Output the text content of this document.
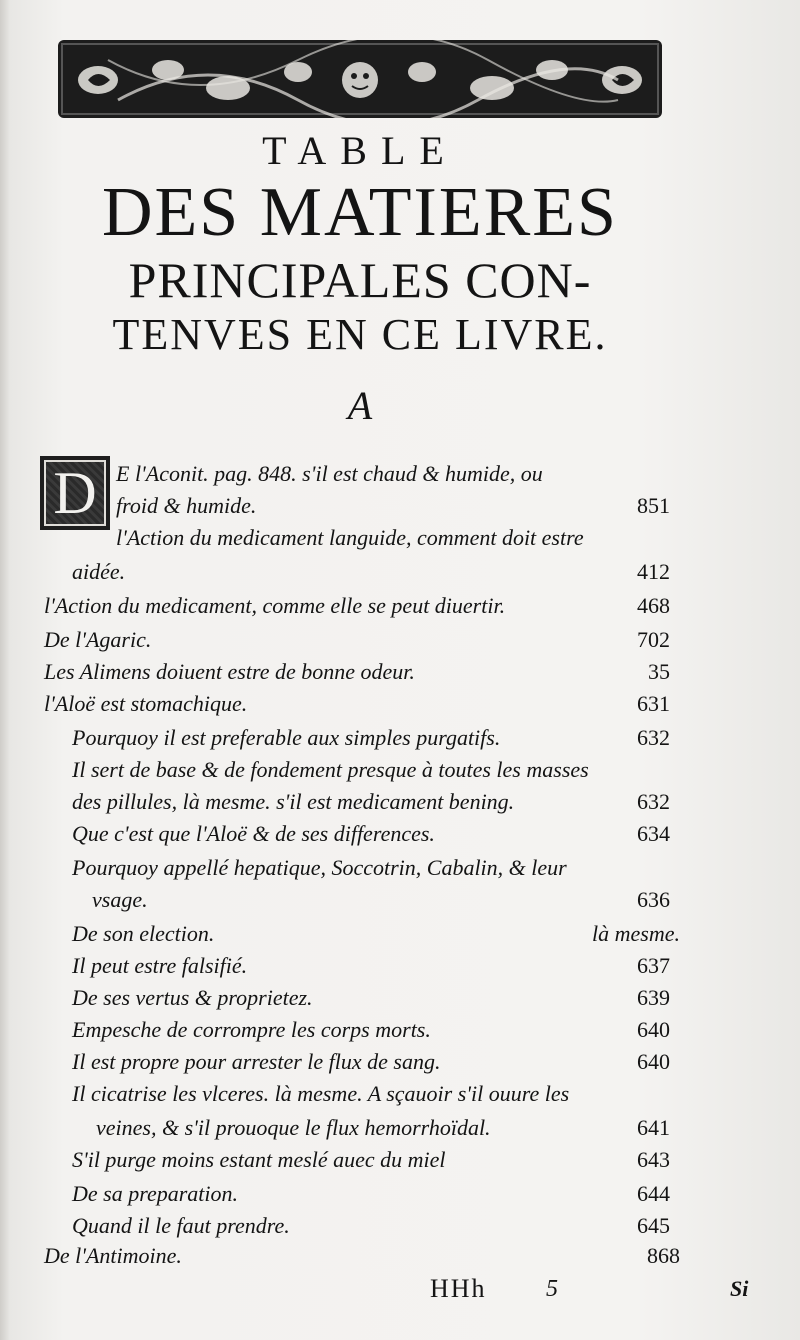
TABLE
DES MATIERES
PRINCIPALES CON-
TENVES EN CE LIVRE.
A
D E l'Aconit. pag. 848. s'il est chaud & humide, ou
froid & humide.	851
l'Action du medicament languide, comment doit estre
aidée.	412
l'Action du medicament, comme elle se peut diuertir.	468
De l'Agaric.	702
Les Alimens doiuent estre de bonne odeur.	35
l'Aloë est stomachique.	631
Pourquoy il est preferable aux simples purgatifs.	632
Il sert de base & de fondement presque à toutes les masses
des pillules, là mesme. s'il est medicament bening.	632
Que c'est que l'Aloë & de ses differences.	634
Pourquoy appellé hepatique, Soccotrin, Cabalin, & leur
vsage.	636
De son election.	là mesme.
Il peut estre falsifié.	637
De ses vertus & proprietez.	639
Empesche de corrompre les corps morts.	640
Il est propre pour arrester le flux de sang.	640
Il cicatrise les vlceres. là mesme. A sçauoir s'il ouure les
veines, & s'il prouoque le flux hemorrhoïdal.	641
S'il purge moins estant meslé auec du miel	643
De sa preparation.	644
Quand il le faut prendre.	645
De l'Antimoine.	868
HHh 5	Si
